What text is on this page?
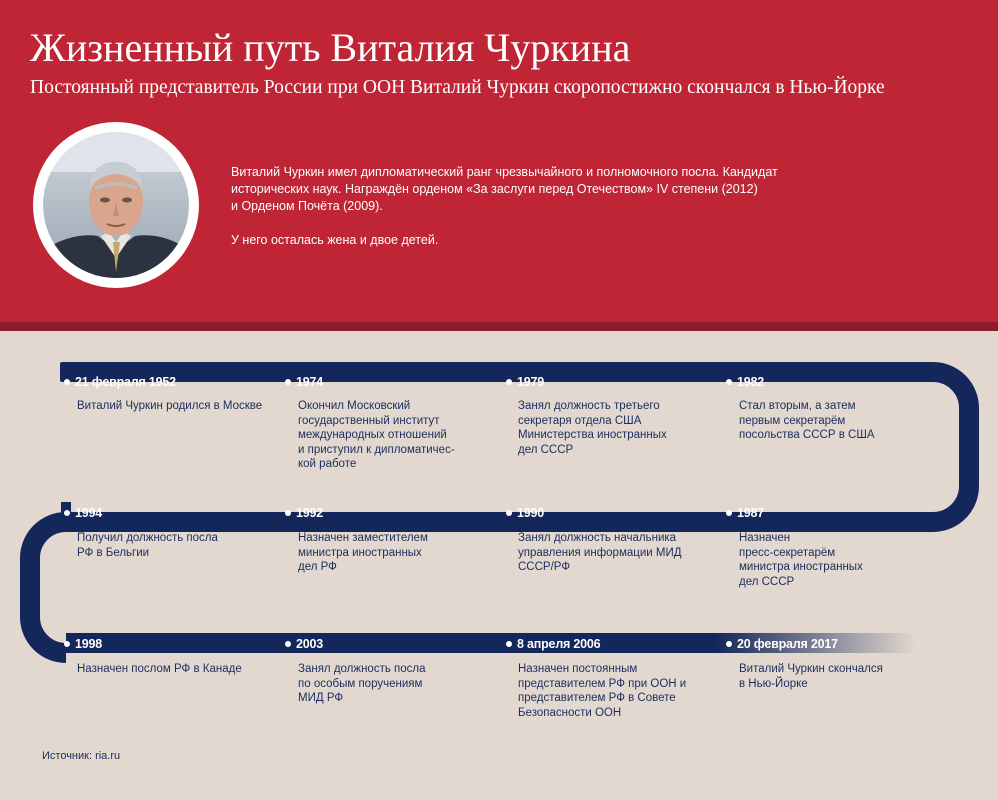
Жизненный путь Виталия Чуркина

Постоянный представитель России при ООН Виталий Чуркин скоропостижно скончался в Нью-Йорке

Виталий Чуркин имел дипломатический ранг чрезвычайного и полномочного посла. Кандидат
исторических наук. Награждён орденом «За заслуги перед Отечеством» IV степени (2012)
и Орденом Почёта (2009).

У него осталась жена и двое детей.

21 февраля 1952
Виталий Чуркин родился в Москве
1974
Окончил Московский
государственный институт
международных отношений
и приступил к дипломатичес-
кой работе
1979
Занял должность третьего
секретаря отдела США
Министерства иностранных
дел СССР
1982
Стал вторым, а затем
первым секретарём
посольства СССР в США
1987
Назначен
пресс-секретарём
министра иностранных
дел СССР
1990
Занял должность начальника
управления информации МИД
СССР/РФ
1992
Назначен заместителем
министра иностранных
дел РФ
1994
Получил должность посла
РФ в Бельгии
1998
Назначен послом РФ в Канаде
2003
Занял должность посла
по особым поручениям
МИД РФ
8 апреля 2006
Назначен постоянным
представителем РФ при ООН и
представителем РФ в Совете
Безопасности ООН
20 февраля 2017
Виталий Чуркин скончался
в Нью-Йорке
Источник: ria.ru
